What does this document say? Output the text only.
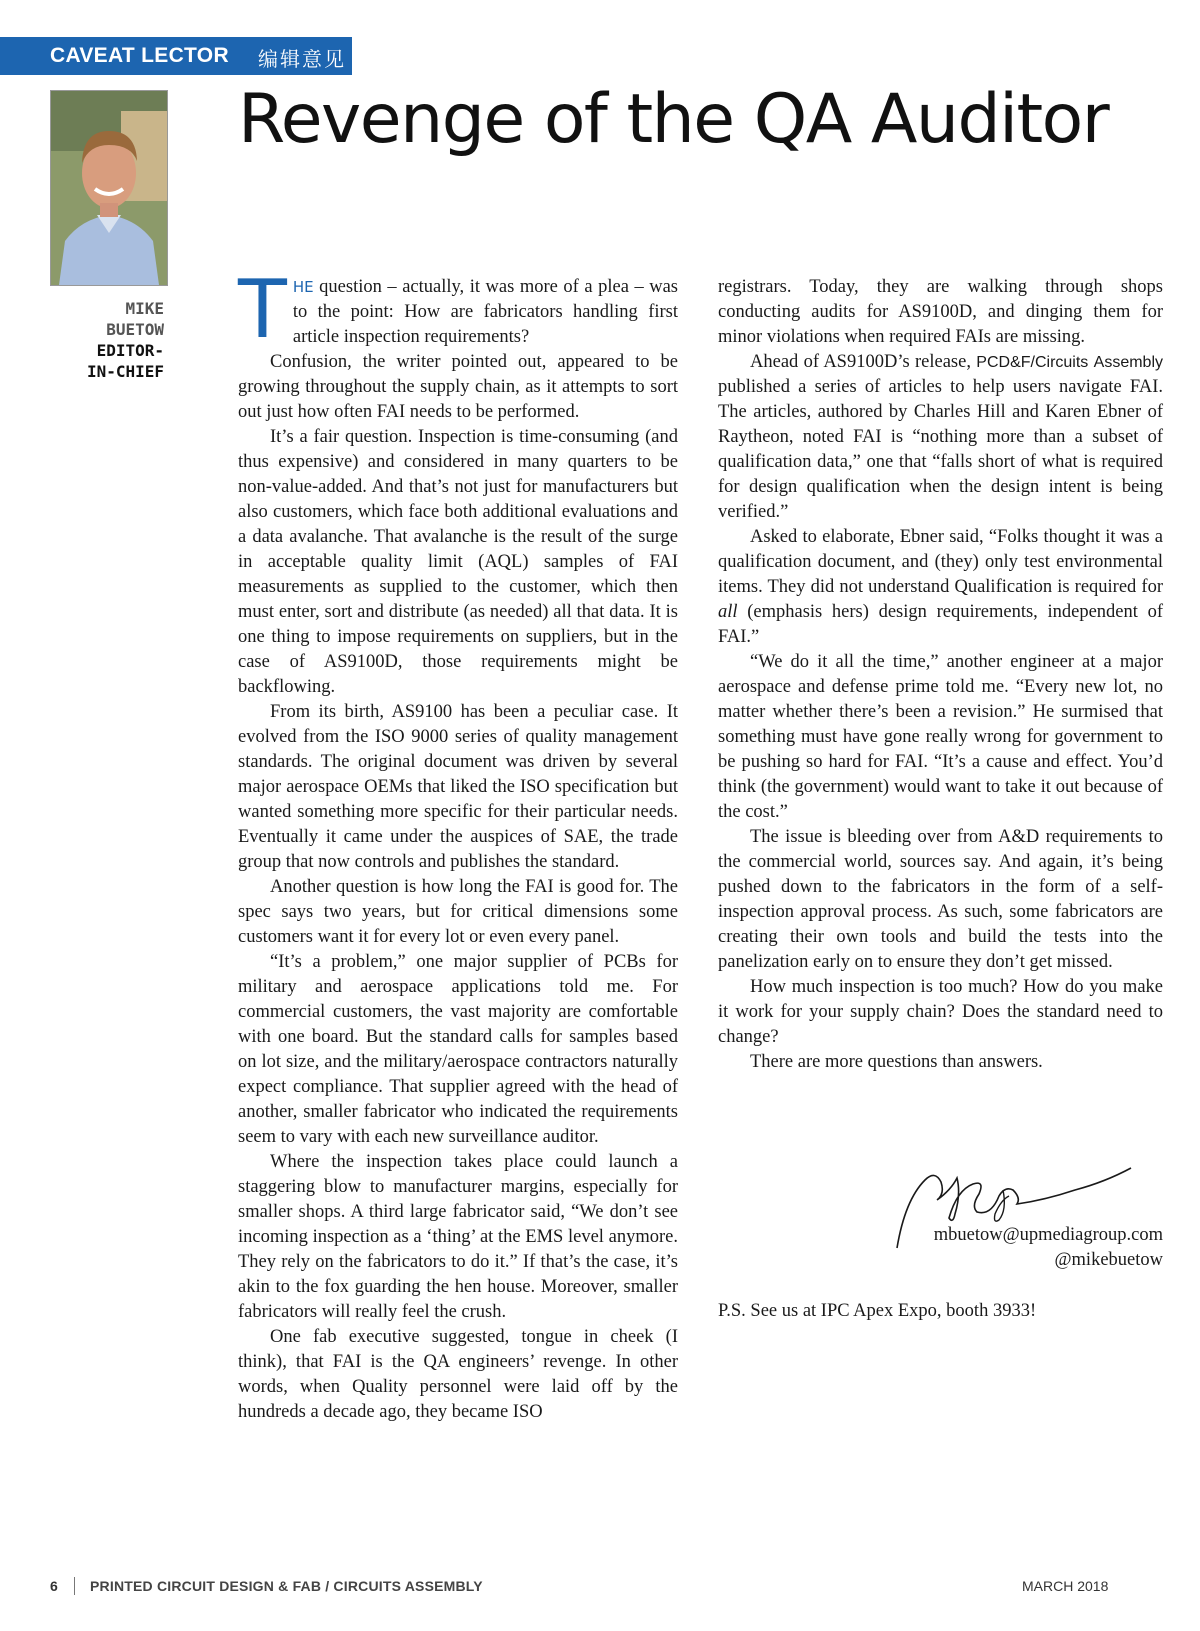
CAVEAT LECTOR 编辑意见
Revenge of the QA Auditor
MIKE
BUETOW
EDITOR-
IN-CHIEF

THE question – actually, it was more of a plea – was to the point: How are fabricators handling first article inspection requirements?

Confusion, the writer pointed out, appeared to be growing throughout the supply chain, as it attempts to sort out just how often FAI needs to be performed.

It’s a fair question. Inspection is time-consuming (and thus expensive) and considered in many quarters to be non-value-added. And that’s not just for manufacturers but also customers, which face both additional evaluations and a data avalanche. That avalanche is the result of the surge in acceptable quality limit (AQL) samples of FAI measurements as supplied to the customer, which then must enter, sort and distribute (as needed) all that data. It is one thing to impose requirements on suppliers, but in the case of AS9100D, those requirements might be backflowing.

From its birth, AS9100 has been a peculiar case. It evolved from the ISO 9000 series of quality management standards. The original document was driven by several major aerospace OEMs that liked the ISO specification but wanted something more specific for their particular needs. Eventually it came under the auspices of SAE, the trade group that now controls and publishes the standard.

Another question is how long the FAI is good for. The spec says two years, but for critical dimensions some customers want it for every lot or even every panel.

“It’s a problem,” one major supplier of PCBs for military and aerospace applications told me. For commercial customers, the vast majority are comfortable with one board. But the standard calls for samples based on lot size, and the military/aerospace contractors naturally expect compliance. That supplier agreed with the head of another, smaller fabricator who indicated the requirements seem to vary with each new surveillance auditor.

Where the inspection takes place could launch a staggering blow to manufacturer margins, especially for smaller shops. A third large fabricator said, “We don’t see incoming inspection as a ‘thing’ at the EMS level anymore. They rely on the fabricators to do it.” If that’s the case, it’s akin to the fox guarding the hen house. Moreover, smaller fabricators will really feel the crush.

One fab executive suggested, tongue in cheek (I think), that FAI is the QA engineers’ revenge. In other words, when Quality personnel were laid off by the hundreds a decade ago, they became ISO

registrars. Today, they are walking through shops conducting audits for AS9100D, and dinging them for minor violations when required FAIs are missing.

Ahead of AS9100D’s release, PCD&F/Circuits Assembly published a series of articles to help users navigate FAI. The articles, authored by Charles Hill and Karen Ebner of Raytheon, noted FAI is “nothing more than a subset of qualification data,” one that “falls short of what is required for design qualification when the design intent is being verified.”

Asked to elaborate, Ebner said, “Folks thought it was a qualification document, and (they) only test environmental items. They did not understand Qualification is required for all (emphasis hers) design requirements, independent of FAI.”

“We do it all the time,” another engineer at a major aerospace and defense prime told me. “Every new lot, no matter whether there’s been a revision.” He surmised that something must have gone really wrong for government to be pushing so hard for FAI. “It’s a cause and effect. You’d think (the government) would want to take it out because of the cost.”

The issue is bleeding over from A&D requirements to the commercial world, sources say. And again, it’s being pushed down to the fabricators in the form of a self-inspection approval process. As such, some fabricators are creating their own tools and build the tests into the panelization early on to ensure they don’t get missed.

How much inspection is too much? How do you make it work for your supply chain? Does the standard need to change?

There are more questions than answers.

mbuetow@upmediagroup.com
@mikebuetow
P.S. See us at IPC Apex Expo, booth 3933!
6 PRINTED CIRCUIT DESIGN & FAB / CIRCUITS ASSEMBLY	MARCH 2018
